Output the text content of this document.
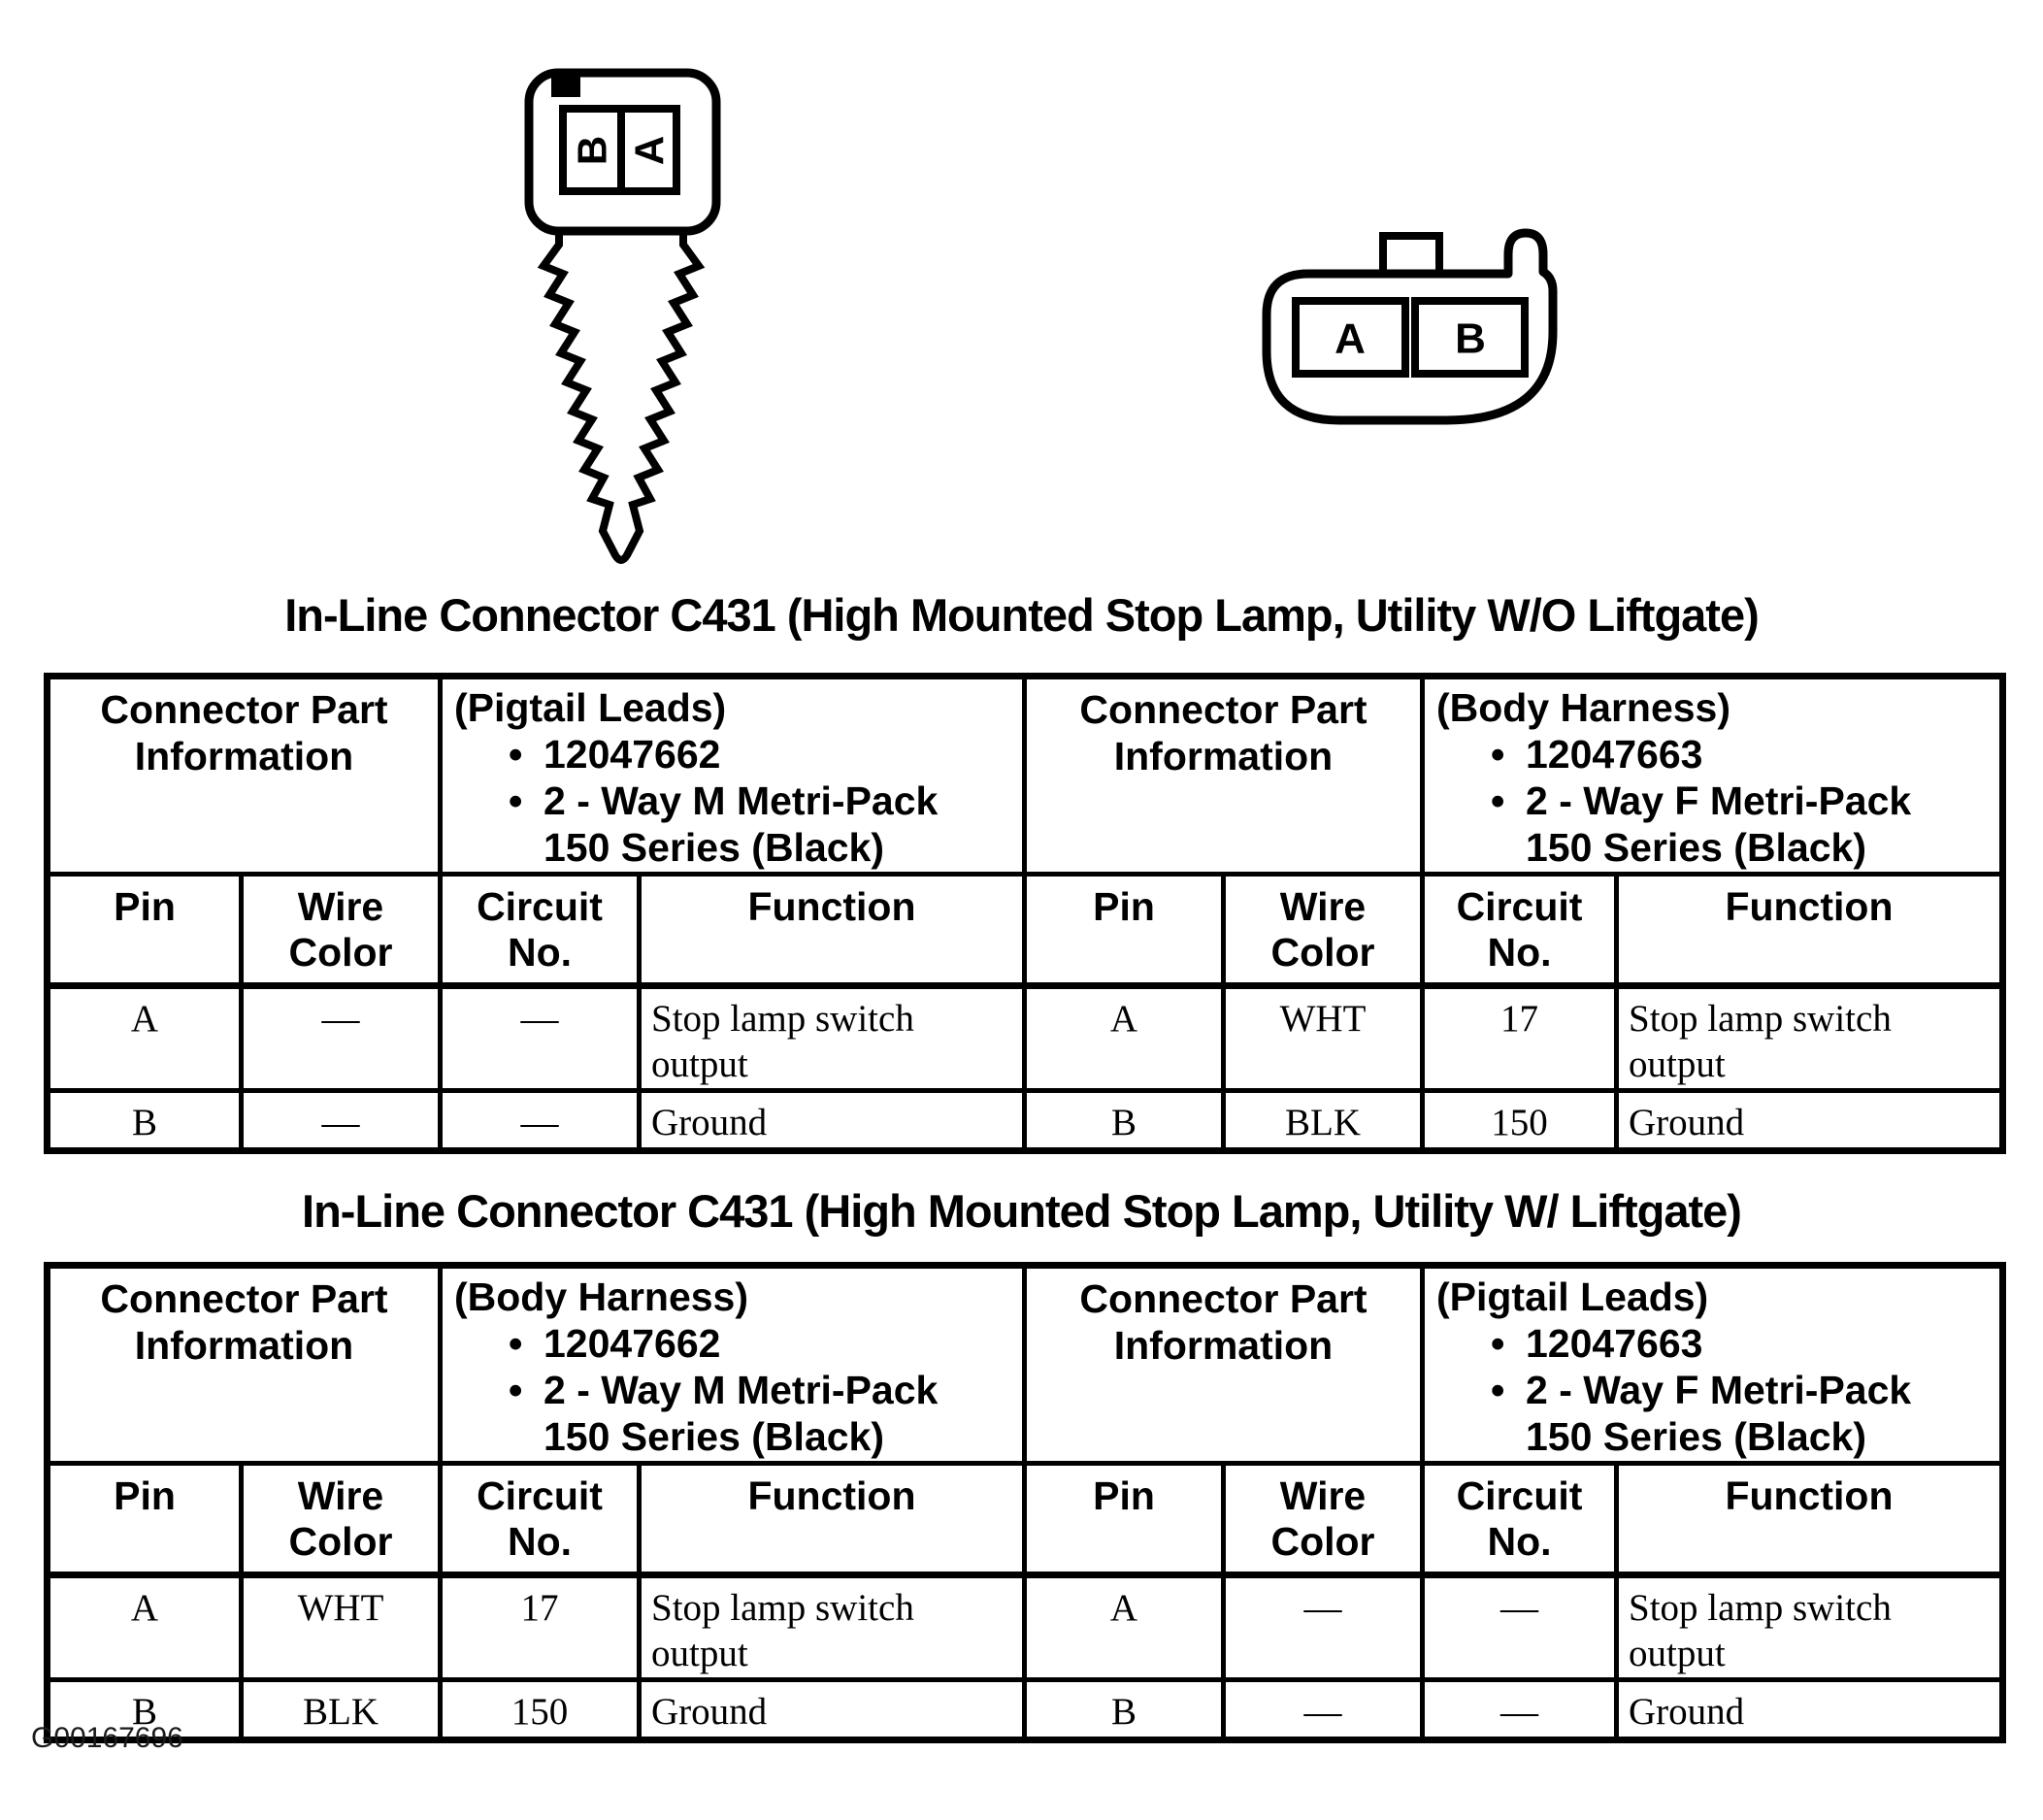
B A
A B
In-Line Connector C431 (High Mounted Stop Lamp, Utility W/O Liftgate)
Connector Part Information

(Pigtail Leads)
• 12047662
• 2 - Way M Metri-Pack 150 Series (Black)

Connector Part Information

(Body Harness)
• 12047663
• 2 - Way F Metri-Pack 150 Series (Black)

Pin	Wire Color	Circuit No.	Function	Pin	Wire Color	Circuit No.	Function
A	—	—	Stop lamp switch output	A	WHT	17	Stop lamp switch output
B	—	—	Ground	B	BLK	150	Ground
In-Line Connector C431 (High Mounted Stop Lamp, Utility W/ Liftgate)
Connector Part Information

(Body Harness)
• 12047662
• 2 - Way M Metri-Pack 150 Series (Black)

Connector Part Information

(Pigtail Leads)
• 12047663
• 2 - Way F Metri-Pack 150 Series (Black)

Pin	Wire Color	Circuit No.	Function	Pin	Wire Color	Circuit No.	Function
A	WHT	17	Stop lamp switch output	A	—	—	Stop lamp switch output
B	BLK	150	Ground	B	—	—	Ground
G00167696
